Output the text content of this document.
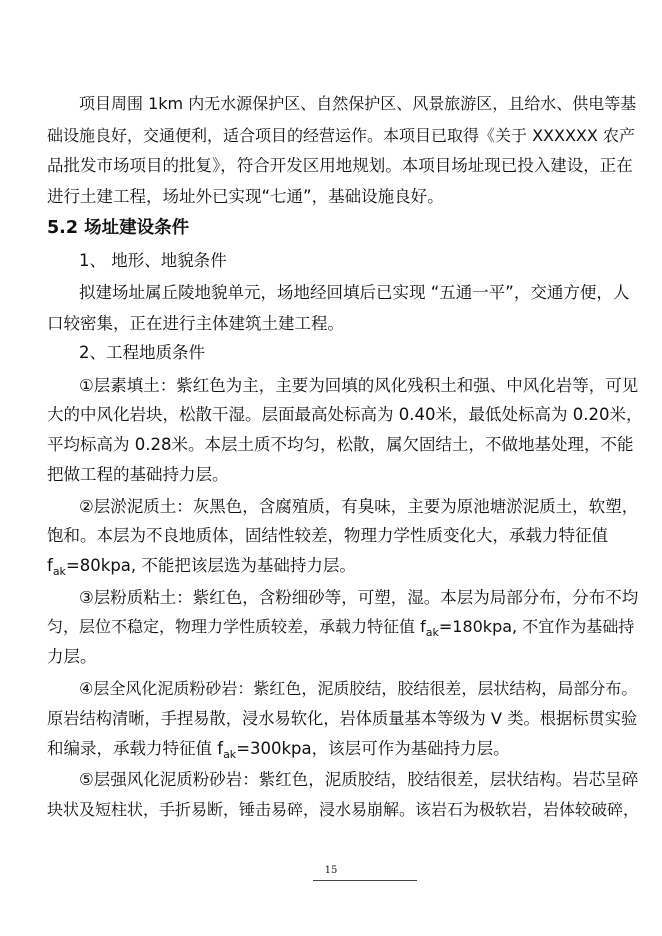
项目周围 1km 内无水源保护区、自然保护区、风景旅游区，且给水、供电等基
础设施良好，交通便利，适合项目的经营运作。本项目已取得《关于 XXXXXX 农产
品批发市场项目的批复》，符合开发区用地规划。本项目场址现已投入建设，正在
进行土建工程，场址外已实现“七通”，基础设施良好。
5.2 场址建设条件
1、 地形、地貌条件
拟建场址属丘陵地貌单元，场地经回填后已实现 “五通一平”，交通方便，人
口较密集，正在进行主体建筑土建工程。
2、工程地质条件
①层素填土：紫红色为主，主要为回填的风化残积土和强、中风化岩等，可见
大的中风化岩块，松散干湿。层面最高处标高为 0.40米，最低处标高为 0.20米，
平均标高为 0.28米。本层土质不均匀，松散，属欠固结土，不做地基处理，不能
把做工程的基础持力层。
②层淤泥质土：灰黑色，含腐殖质，有臭味，主要为原池塘淤泥质土，软塑，
饱和。本层为不良地质体，固结性较差，物理力学性质变化大，承载力特征值
$f_{ak}=80kpa$, 不能把该层选为基础持力层。
③层粉质粘土：紫红色，含粉细砂等，可塑，湿。本层为局部分布，分布不均
匀，层位不稳定，物理力学性质较差，承载力特征值 $f_{ak}=180kpa$, 不宜作为基础持
力层。
④层全风化泥质粉砂岩：紫红色，泥质胶结，胶结很差，层状结构，局部分布。
原岩结构清晰，手捏易散，浸水易软化，岩体质量基本等级为 V 类。根据标贯实验
和编录，承载力特征值 $f_{ak}=300kpa$，该层可作为基础持力层。
⑤层强风化泥质粉砂岩：紫红色，泥质胶结，胶结很差，层状结构。岩芯呈碎
块状及短柱状，手折易断，锤击易碎，浸水易崩解。该岩石为极软岩，岩体较破碎，
15
